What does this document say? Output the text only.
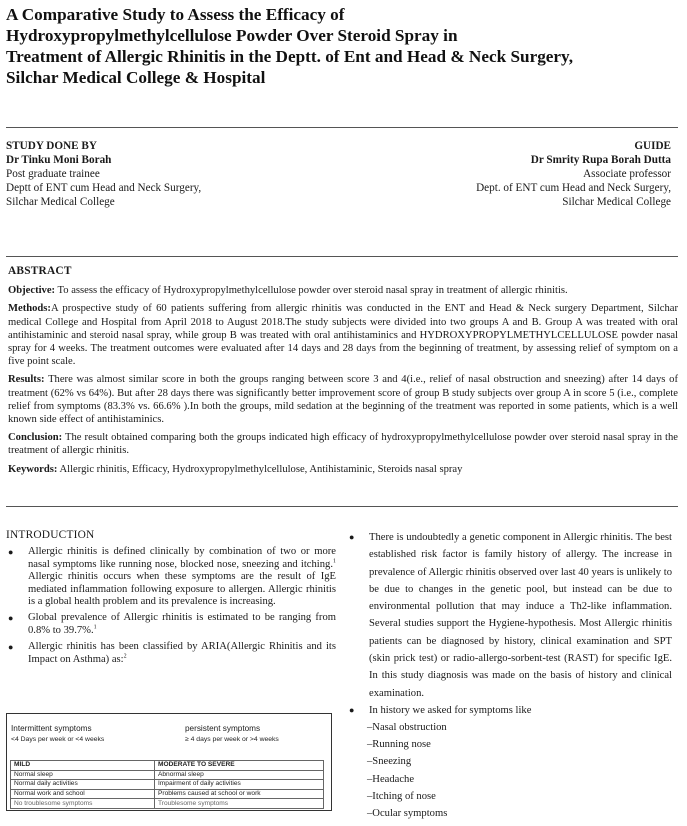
A Comparative Study to Assess the Efficacy of
Hydroxypropylmethylcellulose Powder Over Steroid Spray in
Treatment of Allergic Rhinitis in the Deptt. of Ent and Head & Neck Surgery,
Silchar Medical College & Hospital
STUDY DONE BY
Dr Tinku Moni Borah
Post graduate trainee
Deptt of ENT cum Head and Neck Surgery,
Silchar Medical College
GUIDE
Dr Smrity Rupa Borah Dutta
Associate professor
Dept. of ENT cum Head and Neck Surgery,
Silchar Medical College
ABSTRACT

Objective: To assess the efficacy of Hydroxypropylmethylcellulose powder over steroid nasal spray in treatment of allergic rhinitis.

Methods:A prospective study of 60 patients suffering from allergic rhinitis was conducted in the ENT and Head & Neck surgery Department, Silchar medical College and Hospital from April 2018 to August 2018.The study subjects were divided into two groups A and B. Group A was treated with oral antihistaminic and steroid nasal spray, while group B was treated with oral antihistaminics and HYDROXYPROPYLMETHYLCELLULOSE powder nasal spray for 4 weeks. The treatment outcomes were evaluated after 14 days and 28 days from the beginning of treatment, by assessing relief of symptom on a five point scale.

Results: There was almost similar score in both the groups ranging between score 3 and 4(i.e., relief of nasal obstruction and sneezing) after 14 days of treatment (62% vs 64%). But after 28 days there was significantly better improvement score of group B study subjects over group A in score 5 (i.e., complete relief from symptoms (83.3% vs. 66.6% ).In both the groups, mild sedation at the beginning of the treatment was reported in some patients, which is a well known side effect of antihistaminics.

Conclusion: The result obtained comparing both the groups indicated high efficacy of hydroxypropylmethylcellulose powder over steroid nasal spray in the treatment of allergic rhinitis.

Keywords: Allergic rhinitis, Efficacy, Hydroxypropylmethylcellulose, Antihistaminic, Steroids nasal spray

INTRODUCTION

● Allergic rhinitis is defined clinically by combination of two or more nasal symptoms like running nose, blocked nose, sneezing and itching.$^1$ Allergic rhinitis occurs when these symptoms are the result of IgE mediated inflammation following exposure to allergen. Allergic rhinitis is a global health problem and its prevalence is increasing.

● Global prevalence of Allergic rhinitis is estimated to be ranging from 0.8% to 39.7%.$^1$

● Allergic rhinitis has been classified by ARIA(Allergic Rhinitis and its Impact on Asthma) as:$^2$

Intermittent symptoms
<4 Days per week or <4 weeks
persistent symptoms
≥ 4 days per week or >4 weeks
MILD	MODERATE TO SEVERE
Normal sleep	Abnormal sleep
Normal daily activities	Impairment of daily activities
Normal work and school	Problems caused at school or work
No troublesome symptoms	Troublesome symptoms

● There is undoubtedly a genetic component in Allergic rhinitis. The best established risk factor is family history of allergy. The increase in prevalence of Allergic rhinitis observed over last 40 years is unlikely to be due to changes in the genetic pool, but instead can be due to environmental pollution that may induce a Th2-like inflammation. Several studies support the Hygiene-hypothesis. Most Allergic rhinitis patients can be diagnosed by history, clinical examination and SPT (skin prick test) or radio-allergo-sorbent-test (RAST) for specific IgE. In this study diagnosis was made on the basis of history and clinical examination.

● In history we asked for symptoms like

– Nasal obstruction
– Running nose
– Sneezing
– Headache
– Itching of nose
– Ocular symptoms
